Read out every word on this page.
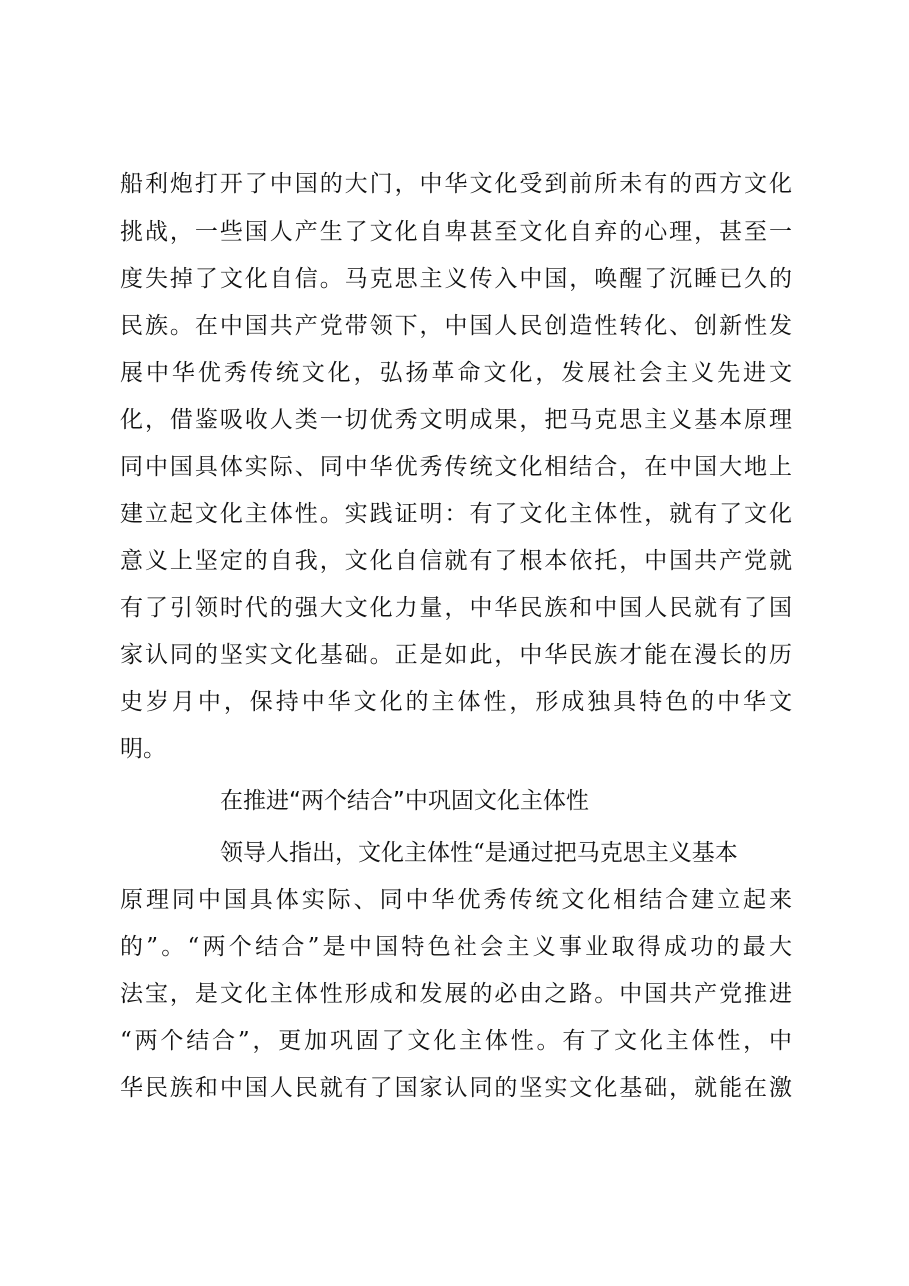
船利炮打开了中国的大门，中华文化受到前所未有的西方文化
挑战，一些国人产生了文化自卑甚至文化自弃的心理，甚至一
度失掉了文化自信。马克思主义传入中国，唤醒了沉睡已久的
民族。在中国共产党带领下，中国人民创造性转化、创新性发
展中华优秀传统文化，弘扬革命文化，发展社会主义先进文
化，借鉴吸收人类一切优秀文明成果，把马克思主义基本原理
同中国具体实际、同中华优秀传统文化相结合，在中国大地上
建立起文化主体性。实践证明：有了文化主体性，就有了文化
意义上坚定的自我，文化自信就有了根本依托，中国共产党就
有了引领时代的强大文化力量，中华民族和中国人民就有了国
家认同的坚实文化基础。正是如此，中华民族才能在漫长的历
史岁月中，保持中华文化的主体性，形成独具特色的中华文
明。
在推进“两个结合”中巩固文化主体性
领导人指出，文化主体性“是通过把马克思主义基本
原理同中国具体实际、同中华优秀传统文化相结合建立起来
的”。“两个结合”是中国特色社会主义事业取得成功的最大
法宝，是文化主体性形成和发展的必由之路。中国共产党推进
“两个结合”，更加巩固了文化主体性。有了文化主体性，中
华民族和中国人民就有了国家认同的坚实文化基础，就能在激
